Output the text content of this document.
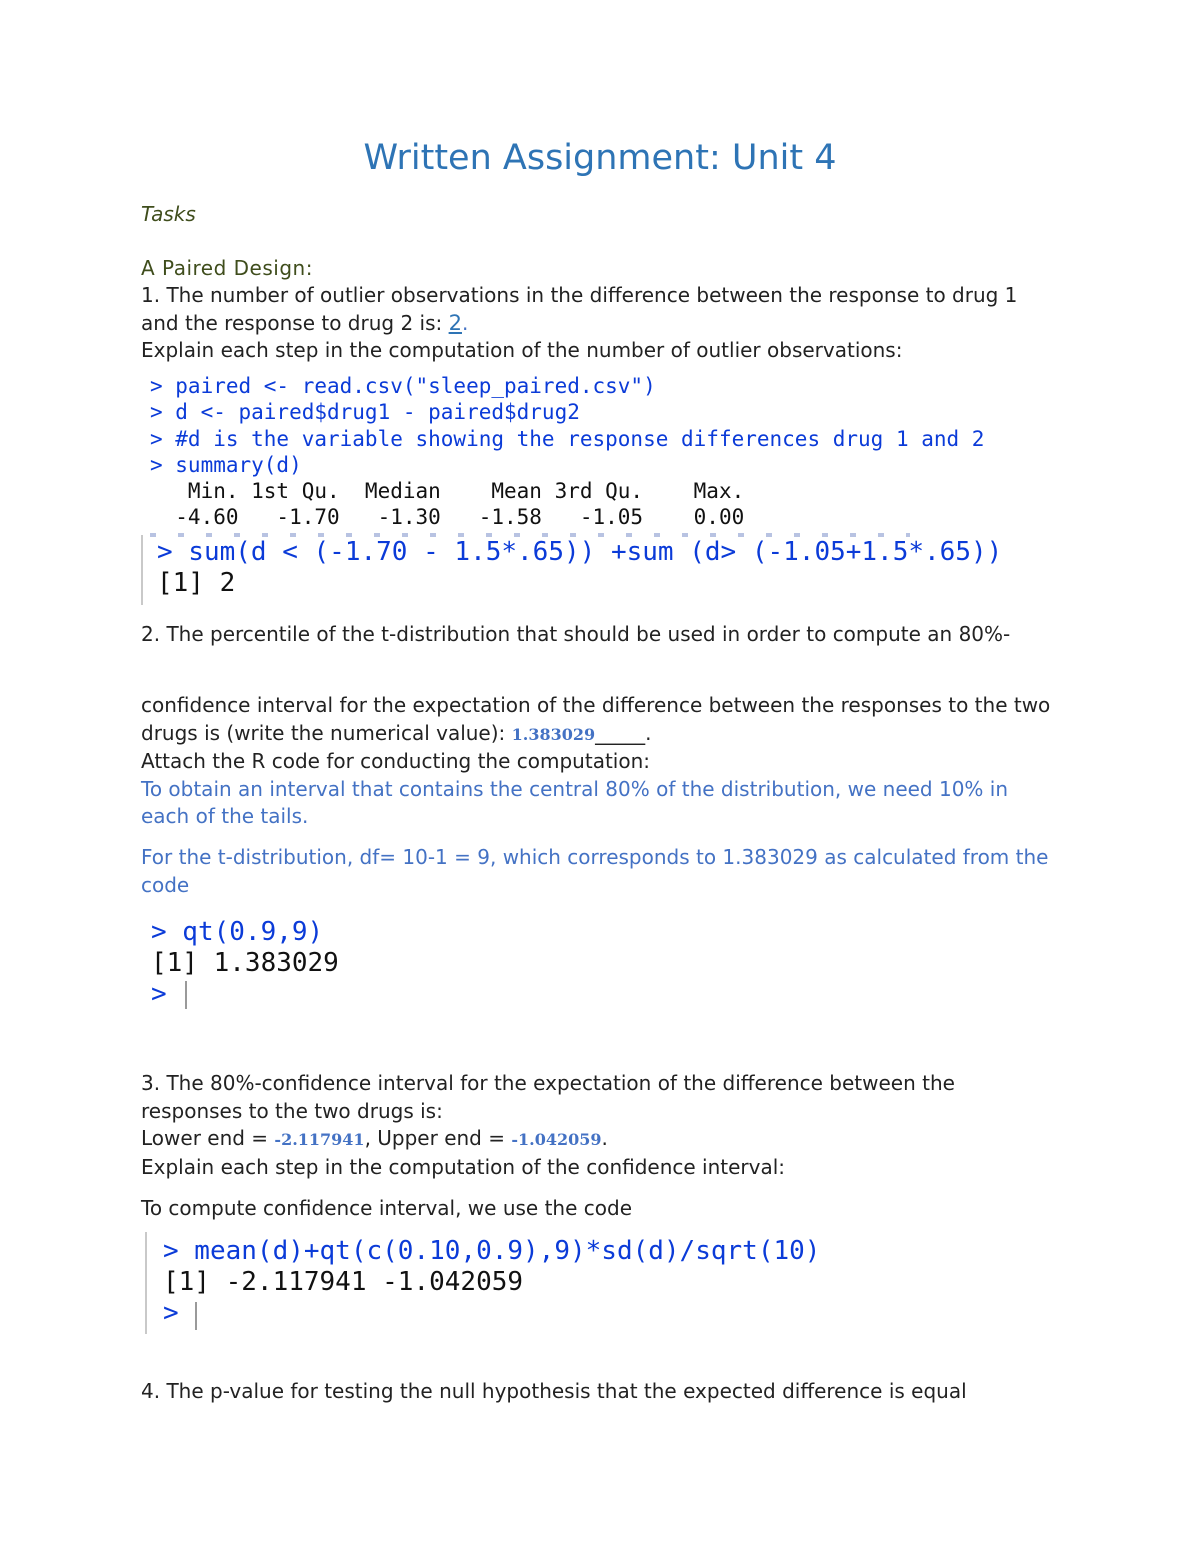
Written Assignment: Unit 4
Tasks
A Paired Design:
1. The number of outlier observations in the difference between the response to drug 1 and the response to drug 2 is: 2.
Explain each step in the computation of the number of outlier observations:
> paired <- read.csv("sleep_paired.csv")
> d <- paired$drug1 - paired$drug2
> #d is the variable showing the response differences drug 1 and 2
> summary(d)
Min. 1st Qu.  Median    Mean 3rd Qu.    Max.
-4.60   -1.70   -1.30   -1.58   -1.05    0.00
> sum(d < (-1.70 - 1.5*.65)) +sum (d> (-1.05+1.5*.65))
[1] 2
2. The percentile of the t-distribution that should be used in order to compute an 80%-
confidence interval for the expectation of the difference between the responses to the two drugs is (write the numerical value): 1.383029_____.
Attach the R code for conducting the computation:
To obtain an interval that contains the central 80% of the distribution, we need 10% in each of the tails.
For the t-distribution, df= 10-1 = 9, which corresponds to 1.383029 as calculated from the code
> qt(0.9,9)
[1] 1.383029
>
3. The 80%-confidence interval for the expectation of the difference between the responses to the two drugs is:
Lower end = -2.117941, Upper end = -1.042059.
Explain each step in the computation of the confidence interval:
To compute confidence interval, we use the code
> mean(d)+qt(c(0.10,0.9),9)*sd(d)/sqrt(10)
[1] -2.117941 -1.042059
>
4. The p-value for testing the null hypothesis that the expected difference is equal
